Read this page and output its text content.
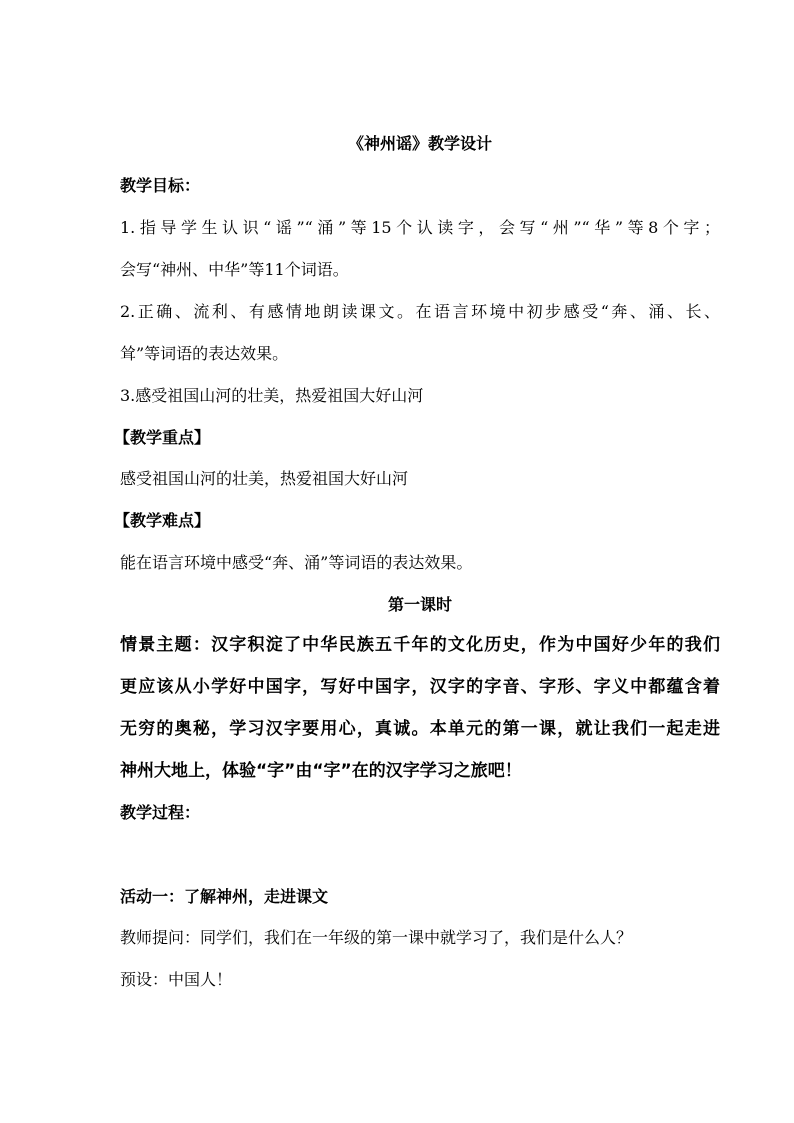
《神州谣》教学设计
教学目标：
1.指导学生认识“谣”“涌”等15个认读字，会写“州”“华”等8个字；
会写“神州、中华”等11个词语。
2.正确、流利、有感情地朗读课文。在语言环境中初步感受“奔、涌、长、
耸”等词语的表达效果。
3.感受祖国山河的壮美，热爱祖国大好山河
【教学重点】
感受祖国山河的壮美，热爱祖国大好山河
【教学难点】
能在语言环境中感受“奔、涌”等词语的表达效果。
第一课时
情景主题：汉字积淀了中华民族五千年的文化历史，作为中国好少年的我们
更应该从小学好中国字，写好中国字，汉字的字音、字形、字义中都蕴含着
无穷的奥秘，学习汉字要用心，真诚。本单元的第一课，就让我们一起走进
神州大地上，体验“字”由“字”在的汉字学习之旅吧！
教学过程：
活动一：了解神州，走进课文
教师提问：同学们，我们在一年级的第一课中就学习了，我们是什么人？
预设：中国人！
